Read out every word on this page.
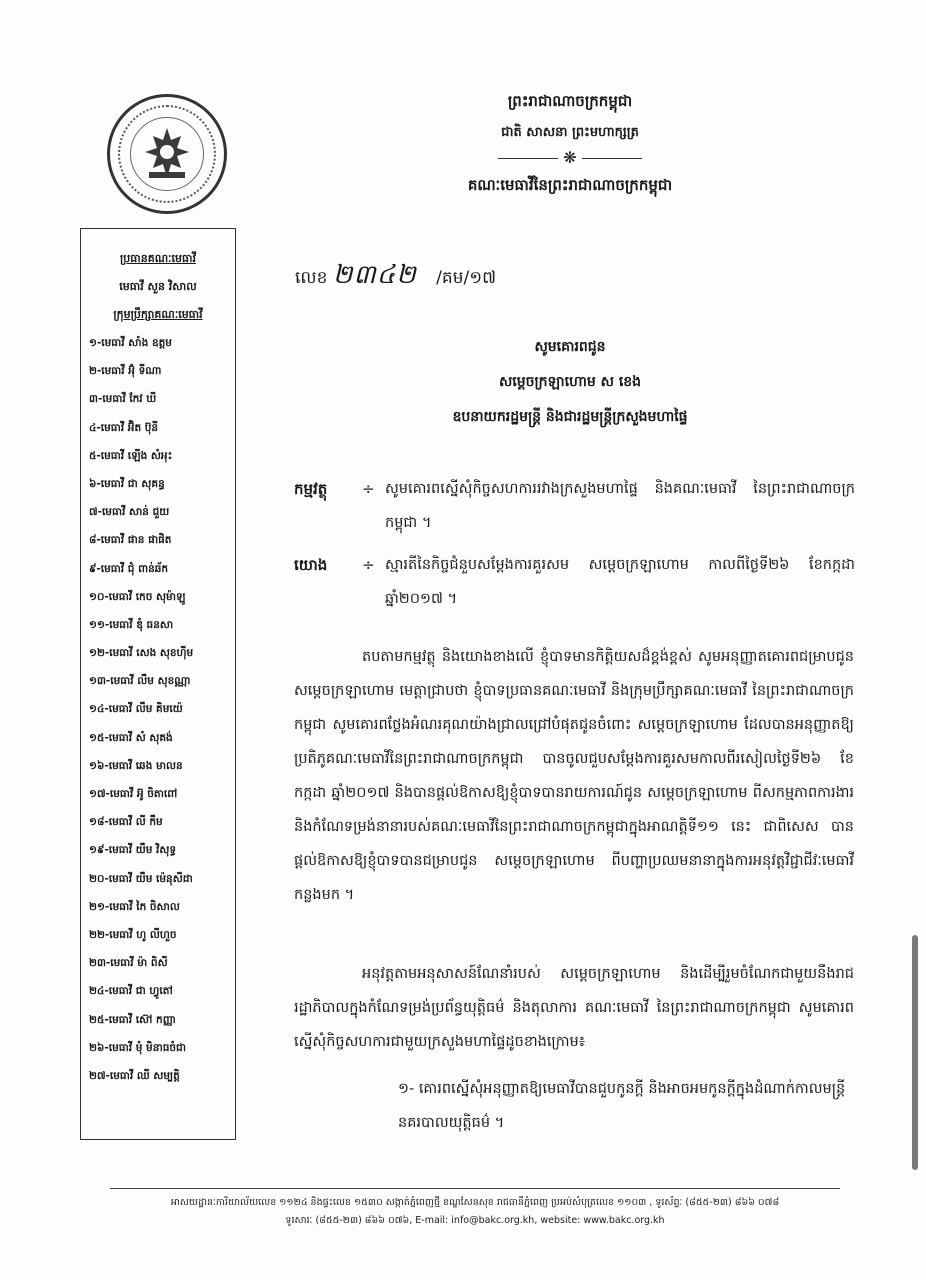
ព្រះរាជាណាចក្រកម្ពុជា
ជាតិ សាសនា ព្រះមហាក្សត្រ
❋
គណៈមេធាវីនៃព្រះរាជាណាចក្រកម្ពុជា
ប្រធានគណៈមេធាវី
មេធាវី សួន វិសាល
ក្រុមប្រឹក្សាគណៈមេធាវី
១-មេធាវី សាំង ឧត្តម
២-មេធាវី អ៊ុំ ទីណា
៣-មេធាវី កែវ ឃី
៤-មេធាវី អ៊ិត ប៊ុនី
៥-មេធាវី ឡើង សំអុះ
៦-មេធាវី ជា សុគន្ធ
៧-មេធាវី សាន់ ជួយ
៨-មេធាវី ផាន ផាផិត
៩-មេធាវី ជុំ ពាន់ឆ័ក
១០-មេធាវី កេច សុម៉ាឡូ
១១-មេធាវី ឌុំ ធនសា
១២-មេធាវី សេង សុខហ៊ីម
១៣-មេធាវី លឹម សុខណ្ណា
១៤-មេធាវី លឹម គិមយ៉េ
១៥-មេធាវី សំ សុគង់
១៦-មេធាវី ឆេង មាលន
១៧-មេធាវី អ៊ូ ចិតាពៅ
១៨-មេធាវី លី កឹម
១៩-មេធាវី យឹម វិសុទ្ធ
២០-មេធាវី យឹម ម៉េនុសីដា
២១-មេធាវី កៃ ចិសាល
២២-មេធាវី ហូ លីហួច
២៣-មេធាវី ម៉ា ពិសី
២៤-មេធាវី ជា ហ្វូតៅ
២៥-មេធាវី ស៊ៅ កញ្ញា
២៦-មេធាវី មុំ មិនាធចំជា
២៧-មេធាវី ឈី សម្បត្តិ
លេខ ២៣៤២ /គម/១៧
សូមគោរពជូន
សម្តេចក្រឡាហោម ស ខេង
ឧបនាយករដ្ឋមន្ត្រី និងជារដ្ឋមន្ត្រីក្រសួងមហាផ្ទៃ
កម្មវត្ថុ ÷ សូមគោរពស្នើសុំកិច្ចសហការរវាងក្រសួងមហាផ្ទៃ និងគណៈមេធាវី នៃព្រះរាជាណាចក្រកម្ពុជា ។
យោង ÷ ស្មារតីនៃកិច្ចជំនួបសម្តែងការគួរសម សម្តេចក្រឡាហោម កាលពីថ្ងៃទី២៦ ខែកក្កដា ឆ្នាំ២០១៧ ។

តបតាមកម្មវត្ថុ និងយោងខាងលើ ខ្ញុំបាទមានកិត្តិយសដ៏ខ្ពង់ខ្ពស់ សូមអនុញ្ញាតគោរពជម្រាបជូន សម្តេចក្រឡាហោម មេត្តាជ្រាបថា ខ្ញុំបាទប្រធានគណៈមេធាវី និងក្រុមប្រឹក្សាគណៈមេធាវី នៃព្រះរាជាណាចក្រកម្ពុជា សូមគោរពថ្លែងអំណរគុណយ៉ាងជ្រាលជ្រៅបំផុតជូនចំពោះ សម្តេចក្រឡាហោម ដែលបានអនុញ្ញាតឱ្យប្រតិភូគណៈមេធាវីនៃព្រះរាជាណាចក្រកម្ពុជា បានចូលជួបសម្តែងការគួរសមកាលពីរសៀលថ្ងៃទី២៦ ខែកក្កដា ឆ្នាំ២០១៧ និងបានផ្តល់ឱកាសឱ្យខ្ញុំបាទបានរាយការណ៍ជូន សម្តេចក្រឡាហោម ពីសកម្មភាពការងារ និងកំណែទម្រង់នានារបស់គណៈមេធាវីនៃព្រះរាជាណាចក្រកម្ពុជាក្នុងអាណត្តិទី១១ នេះ ជាពិសេស បានផ្តល់ឱកាសឱ្យខ្ញុំបាទបានជម្រាបជូន សម្តេចក្រឡាហោម ពីបញ្ហាប្រឈមនានាក្នុងការអនុវត្តវិជ្ជាជីវៈមេធាវីកន្លងមក ។

អនុវត្តតាមអនុសាសន៍ណែនាំរបស់ សម្តេចក្រឡាហោម និងដើម្បីរួមចំណែកជាមួយនឹងរាជរដ្ឋាភិបាលក្នុងកំណែទម្រង់ប្រព័ន្ធយុត្តិធម៌ និងតុលាការ គណៈមេធាវី នៃព្រះរាជាណាចក្រកម្ពុជា សូមគោរពស្នើសុំកិច្ចសហការជាមួយក្រសួងមហាផ្ទៃដូចខាងក្រោម៖

១- គោរពស្នើសុំអនុញ្ញាតឱ្យមេធាវីបានជួបកូនក្តី និងអាចអមកូនក្តីក្នុងដំណាក់កាលមន្ត្រីនគរបាលយុត្តិធម៌ ។
អាសយដ្ឋានៈការិយាល័យលេខ ១១២៤ និងផ្ទះលេខ ១៥៣០ សង្កាត់ភ្នំពេញថ្មី ខណ្ឌសែនសុខ រាជធានីភ្នំពេញ ប្រអប់សំបុត្រលេខ ១១០៣ , ទូរស័ព្ទៈ (៨៥៥-២៣) ៨៦៦ ០៧៨
ទូរសារៈ (៨៥៥-២៣) ៨៦៦ ០៧៦, E-mail: info@bakc.org.kh, website: www.bakc.org.kh
